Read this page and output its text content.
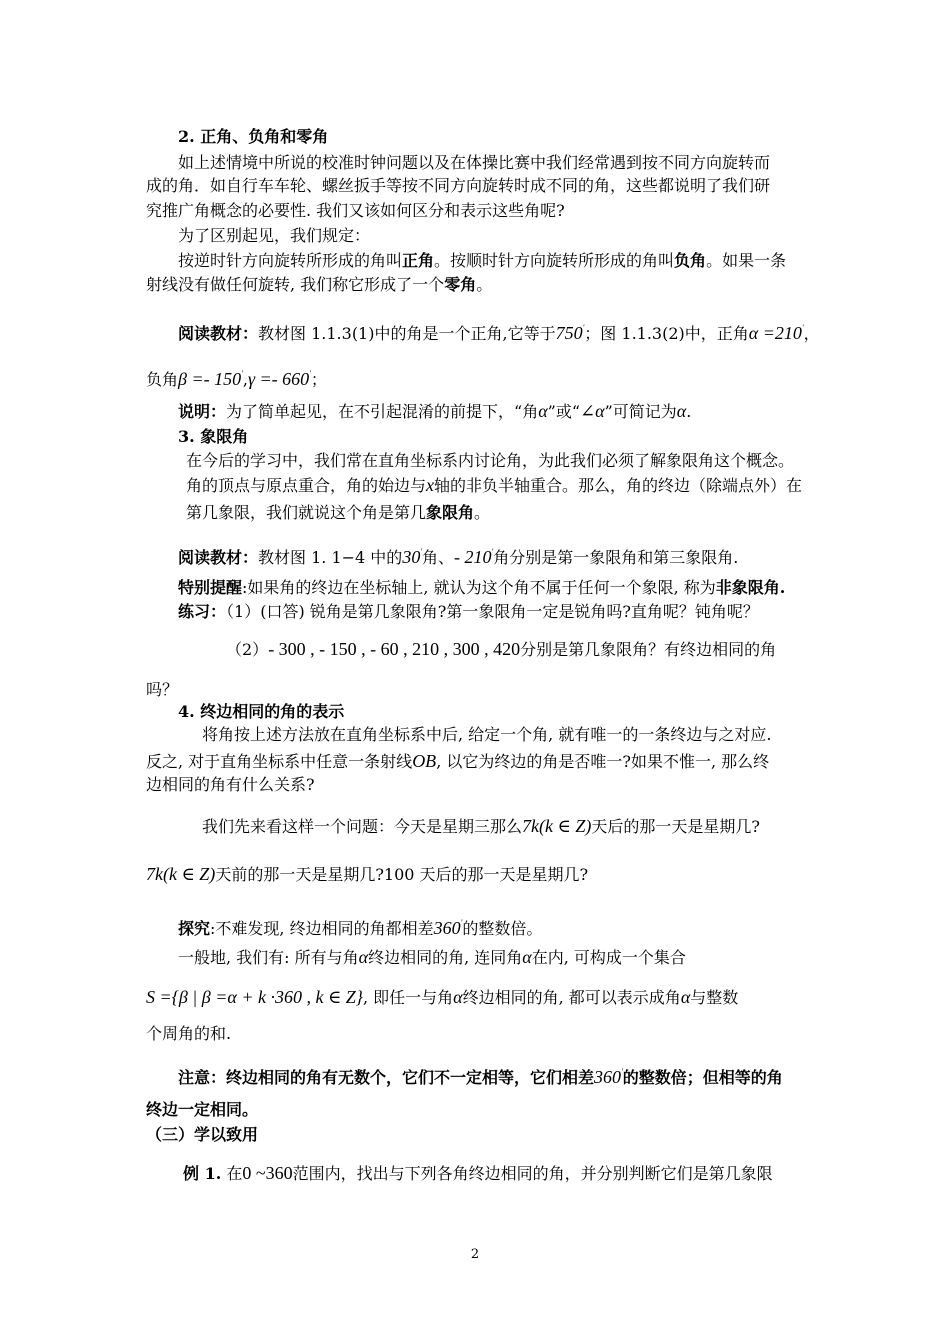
2. 正角、负角和零角
如上述情境中所说的校准时钟问题以及在体操比赛中我们经常遇到按不同方向旋转而
成的角．如自行车车轮、螺丝扳手等按不同方向旋转时成不同的角，这些都说明了我们研
究推广角概念的必要性. 我们又该如何区分和表示这些角呢?
为了区别起见，我们规定：
按逆时针方向旋转所形成的角叫正角。按顺时针方向旋转所形成的角叫负角。如果一条
射线没有做任何旋转, 我们称它形成了一个零角。
阅读教材：教材图 1.1.3(1)中的角是一个正角,它等于750'；图 1.1.3(2)中，正角α =210'，
负角β =- 150',γ =- 660'；
说明：为了简单起见，在不引起混淆的前提下，“角α”或“∠α”可简记为α.
3. 象限角
在今后的学习中，我们常在直角坐标系内讨论角，为此我们必须了解象限角这个概念。
角的顶点与原点重合，角的始边与x轴的非负半轴重合。那么，角的终边（除端点外）在
第几象限，我们就说这个角是第几象限角。
阅读教材：教材图 1. 1−4 中的30'角、- 210'角分别是第一象限角和第三象限角.
特别提醒:如果角的终边在坐标轴上, 就认为这个角不属于任何一个象限, 称为非象限角.
练习：（1）(口答) 锐角是第几象限角?第一象限角一定是锐角吗?直角呢？钝角呢？
（2）- 300 , - 150 , - 60 , 210 , 300 , 420分别是第几象限角？有终边相同的角
吗？
4. 终边相同的角的表示
将角按上述方法放在直角坐标系中后, 给定一个角, 就有唯一的一条终边与之对应.
反之, 对于直角坐标系中任意一条射线OB, 以它为终边的角是否唯一?如果不惟一, 那么终
边相同的角有什么关系?
我们先来看这样一个问题：今天是星期三那么7k(k ∈ Z)天后的那一天是星期几?
7k(k ∈ Z)天前的那一天是星期几?100 天后的那一天是星期几?
探究:不难发现, 终边相同的角都相差360'的整数倍。
一般地, 我们有: 所有与角α终边相同的角, 连同角α在内, 可构成一个集合
S ={β | β =α + k ·360 , k ∈ Z}, 即任一与角α终边相同的角, 都可以表示成角α与整数
个周角的和.
注意：终边相同的角有无数个，它们不一定相等，它们相差360'的整数倍；但相等的角
终边一定相同。
（三）学以致用
例 1. 在0 ~360范围内，找出与下列各角终边相同的角，并分别判断它们是第几象限
2
